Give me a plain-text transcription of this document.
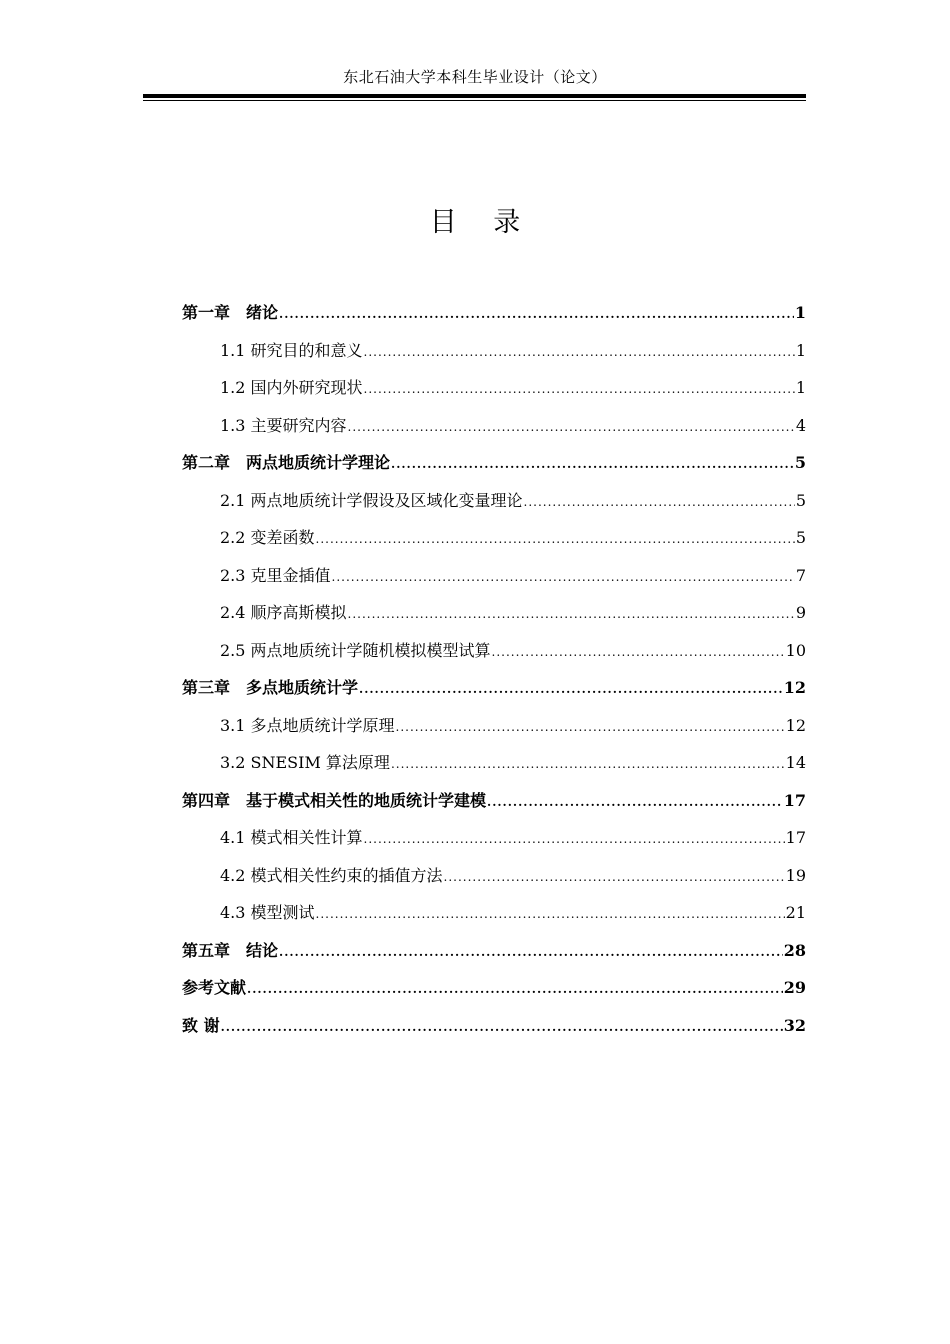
东北石油大学本科生毕业设计（论文）
目 录
第一章　绪论 .....	1
1.1 研究目的和意义 .....	1
1.2 国内外研究现状 .....	1
1.3 主要研究内容 .....	4
第二章　两点地质统计学理论 .....	5
2.1 两点地质统计学假设及区域化变量理论 .....	5
2.2 变差函数 .....	5
2.3 克里金插值 .....	7
2.4 顺序高斯模拟 .....	9
2.5 两点地质统计学随机模拟模型试算 .....	10
第三章　多点地质统计学 .....	12
3.1 多点地质统计学原理 .....	12
3.2 SNESIM 算法原理 .....	14
第四章　基于模式相关性的地质统计学建模 .....	17
4.1 模式相关性计算 .....	17
4.2 模式相关性约束的插值方法 .....	19
4.3 模型测试 .....	21
第五章　结论 .....	28
参考文献 .....	29
致 谢 .....	32
